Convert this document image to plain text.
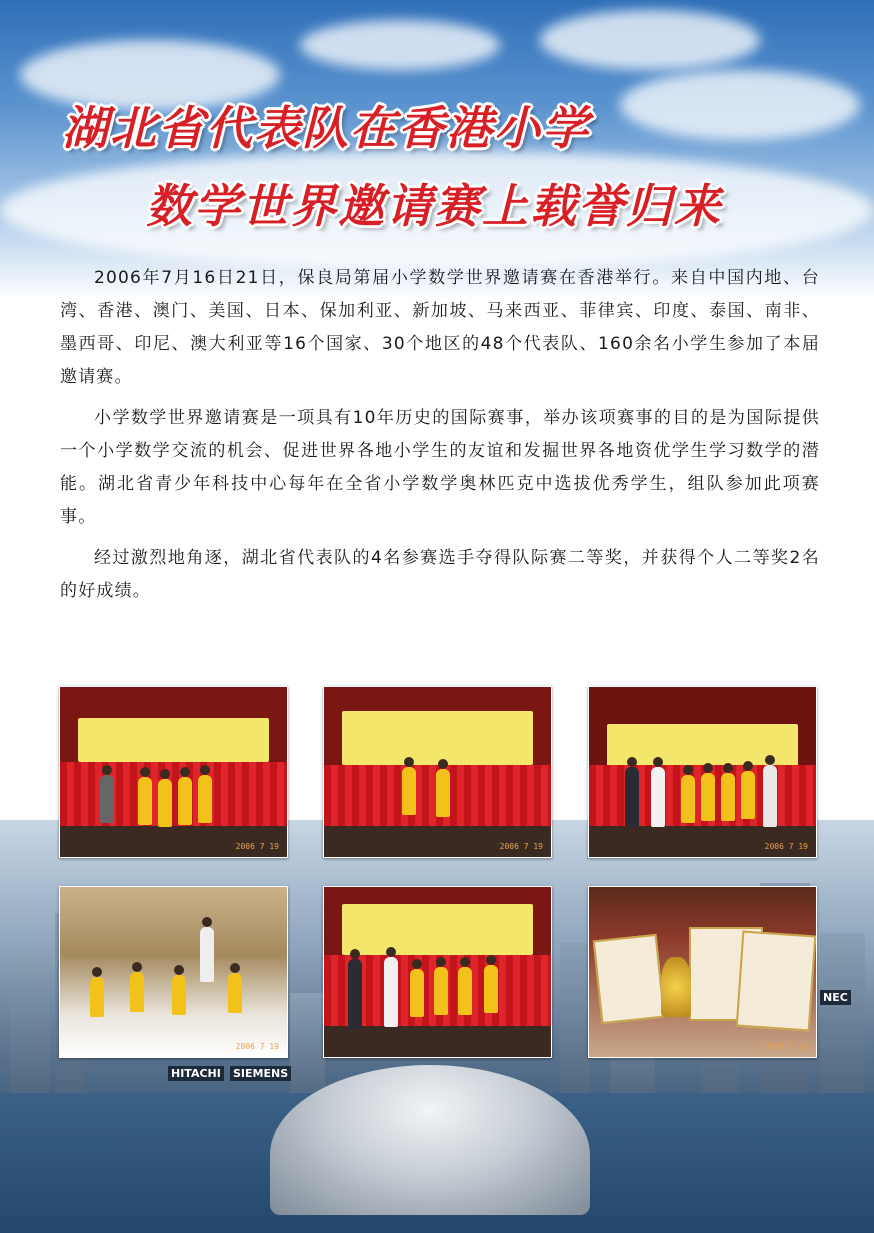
湖北省代表队在香港小学
数学世界邀请赛上载誉归来

2006年7月16日21日，保良局第届小学数学世界邀请赛在香港举行。来自中国内地、台湾、香港、澳门、美国、日本、保加利亚、新加坡、马来西亚、菲律宾、印度、泰国、南非、墨西哥、印尼、澳大利亚等16个国家、30个地区的48个代表队、160余名小学生参加了本届邀请赛。

小学数学世界邀请赛是一项具有10年历史的国际赛事，举办该项赛事的目的是为国际提供一个小学数学交流的机会、促进世界各地小学生的友谊和发掘世界各地资优学生学习数学的潜能。湖北省青少年科技中心每年在全省小学数学奥林匹克中选拔优秀学生，组队参加此项赛事。

经过激烈地角逐，湖北省代表队的4名参赛选手夺得队际赛二等奖，并获得个人二等奖2名的好成绩。

HITACHI SIEMENS
NEC
2006 7 19	2006 7 19	2006 7 19
2006 7 19	2006 7 19
